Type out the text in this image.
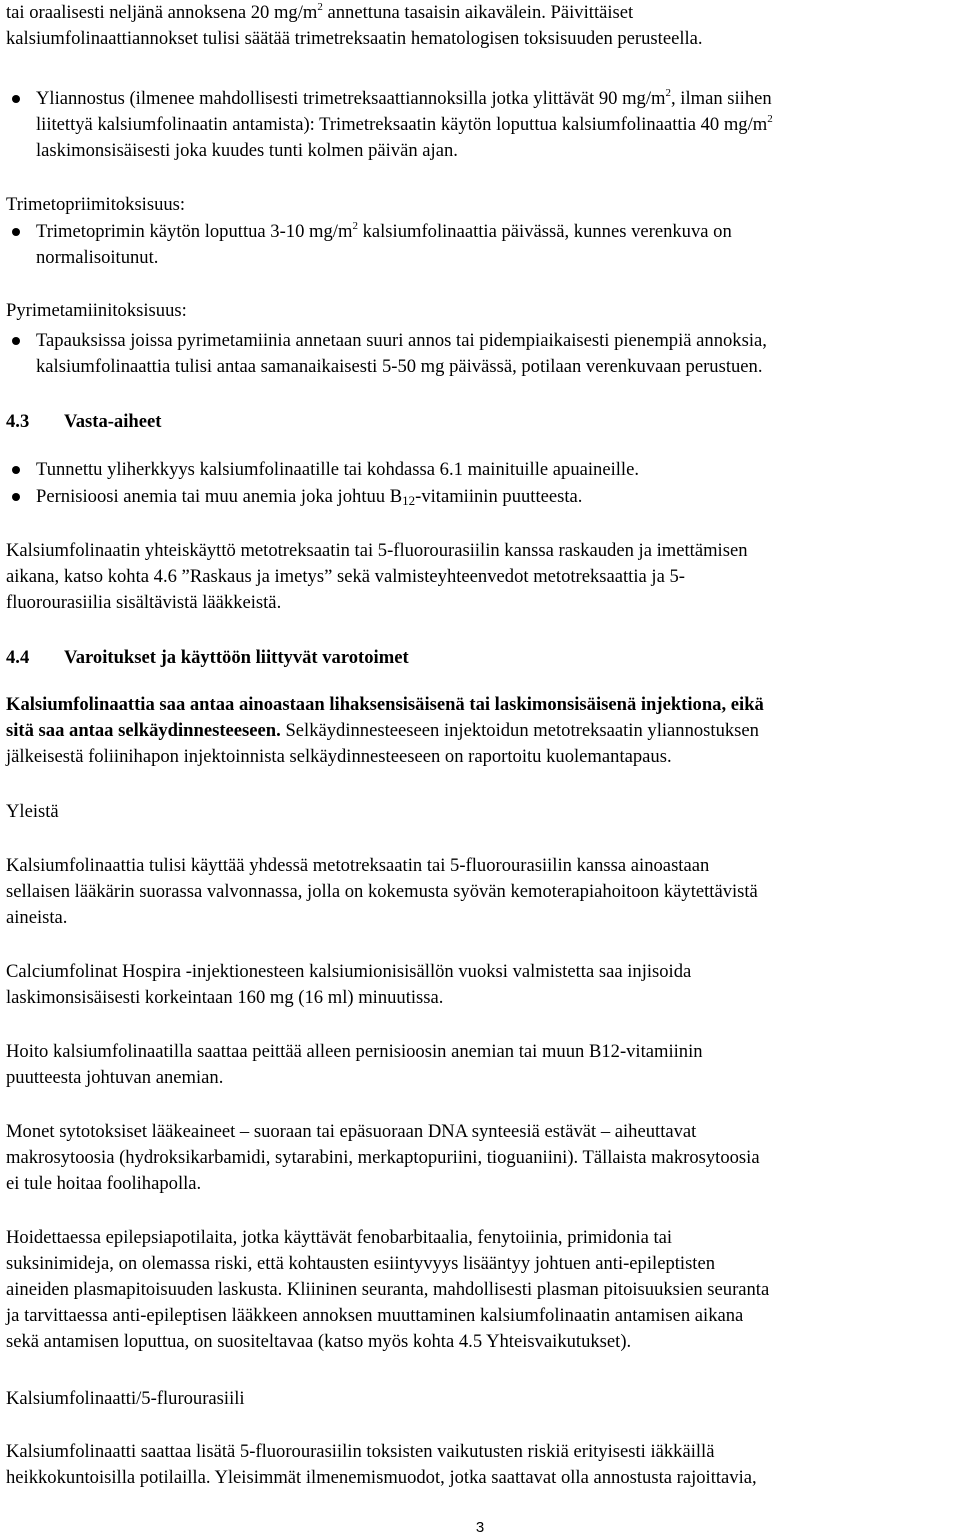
tai oraalisesti neljänä annoksena 20 $mg/m^2$ annettuna tasaisin aikavälein. Päivittäiset
kalsiumfolinaattiannokset tulisi säätää trimetreksaatin hematologisen toksisuuden perusteella.

Yliannostus (ilmenee mahdollisesti trimetreksaattiannoksilla jotka ylittävät 90 $mg/m^2$, ilman siihen
liitettyä kalsiumfolinaatin antamista): Trimetreksaatin käytön loputtua kalsiumfolinaattia 40 $mg/m^2$
laskimonsisäisesti joka kuudes tunti kolmen päivän ajan.

Trimetopriimitoksisuus:

Trimetoprimin käytön loputtua 3-10 $mg/m^2$ kalsiumfolinaattia päivässä, kunnes verenkuva on
normalisoitunut.

Pyrimetamiinitoksisuus:

Tapauksissa joissa pyrimetamiinia annetaan suuri annos tai pidempiaikaisesti pienempiä annoksia,
kalsiumfolinaattia tulisi antaa samanaikaisesti 5-50 mg päivässä, potilaan verenkuvaan perustuen.

4.3 Vasta-aiheet

Tunnettu yliherkkyys kalsiumfolinaatille tai kohdassa 6.1 mainituille apuaineille.
Pernisioosi anemia tai muu anemia joka johtuu $B_{12}$-vitamiinin puutteesta.

Kalsiumfolinaatin yhteiskäyttö metotreksaatin tai 5-fluorourasiilin kanssa raskauden ja imettämisen
aikana, katso kohta 4.6 ”Raskaus ja imetys” sekä valmisteyhteenvedot metotreksaattia ja 5-
fluorourasiilia sisältävistä lääkkeistä.

4.4 Varoitukset ja käyttöön liittyvät varotoimet

Kalsiumfolinaattia saa antaa ainoastaan lihaksensisäisenä tai laskimonsisäisenä injektiona, eikä
sitä saa antaa selkäydinnesteeseen. Selkäydinnesteeseen injektoidun metotreksaatin yliannostuksen
jälkeisestä foliinihapon injektoinnista selkäydinnesteeseen on raportoitu kuolemantapaus.

Yleistä

Kalsiumfolinaattia tulisi käyttää yhdessä metotreksaatin tai 5-fluorourasiilin kanssa ainoastaan
sellaisen lääkärin suorassa valvonnassa, jolla on kokemusta syövän kemoterapiahoitoon käytettävistä
aineista.

Calciumfolinat Hospira -injektionesteen kalsiumionisisällön vuoksi valmistetta saa injisoida
laskimonsisäisesti korkeintaan 160 mg (16 ml) minuutissa.

Hoito kalsiumfolinaatilla saattaa peittää alleen pernisioosin anemian tai muun B12-vitamiinin
puutteesta johtuvan anemian.

Monet sytotoksiset lääkeaineet – suoraan tai epäsuoraan DNA synteesiä estävät – aiheuttavat
makrosytoosia (hydroksikarbamidi, sytarabini, merkaptopuriini, tioguaniini). Tällaista makrosytoosia
ei tule hoitaa foolihapolla.

Hoidettaessa epilepsiapotilaita, jotka käyttävät fenobarbitaalia, fenytoiinia, primidonia tai
suksinimideja, on olemassa riski, että kohtausten esiintyvyys lisääntyy johtuen anti-epileptisten
aineiden plasmapitoisuuden laskusta. Kliininen seuranta, mahdollisesti plasman pitoisuuksien seuranta
ja tarvittaessa anti-epileptisen lääkkeen annoksen muuttaminen kalsiumfolinaatin antamisen aikana
sekä antamisen loputtua, on suositeltavaa (katso myös kohta 4.5 Yhteisvaikutukset).

Kalsiumfolinaatti/5-flurourasiili

Kalsiumfolinaatti saattaa lisätä 5-fluorourasiilin toksisten vaikutusten riskiä erityisesti iäkkäillä
heikkokuntoisilla potilailla. Yleisimmät ilmenemismuodot, jotka saattavat olla annostusta rajoittavia,

3
